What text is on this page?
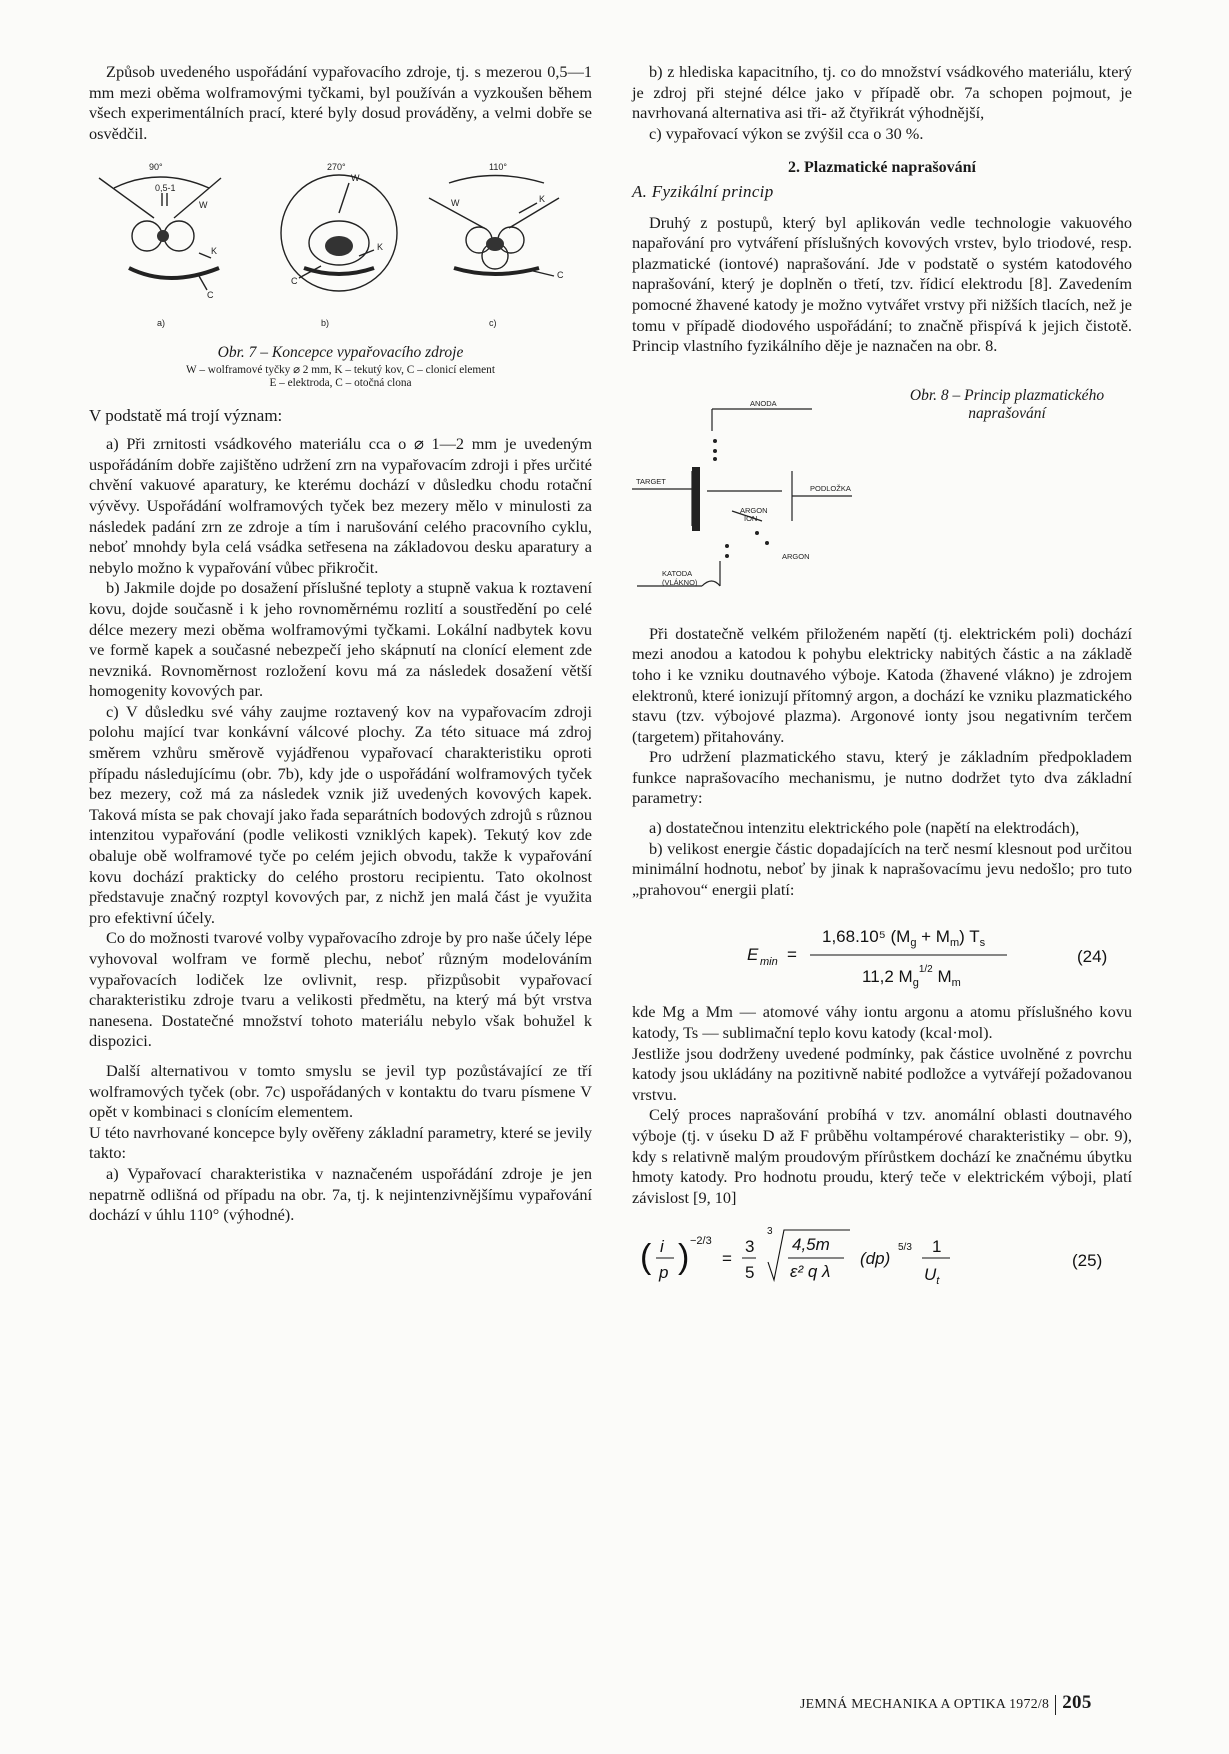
Způsob uvedeného uspořádání vypařovacího zdroje, tj. s mezerou 0,5—1 mm mezi oběma wolframovými tyčkami, byl používán a vyzkoušen během všech experimentálních prací, které byly dosud prováděny, a velmi dobře se osvědčil.

90°	270°	110°
0,5-1
W
K
C
W
K
C
W	K
C
a)	b)	c)
Obr. 7 – Koncepce vypařovacího zdroje
W – wolframové tyčky ⌀ 2 mm, K – tekutý kov, C – clonicí element
E – elektroda, C – otočná clona

V podstatě má trojí význam:

a) Při zrnitosti vsádkového materiálu cca o ⌀ 1—2 mm je uvedeným uspořádáním dobře zajištěno udržení zrn na vypařovacím zdroji i přes určité chvění vakuové aparatury, ke kterému dochází v důsledku chodu rotační vývěvy. Uspořádání wolframových tyček bez mezery mělo v minulosti za následek padání zrn ze zdroje a tím i narušování celého pracovního cyklu, neboť mnohdy byla celá vsádka setřesena na základovou desku aparatury a nebylo možno k vypařování vůbec přikročit.

b) Jakmile dojde po dosažení příslušné teploty a stupně vakua k roztavení kovu, dojde současně i k jeho rovnoměrnému rozlití a soustředění po celé délce mezery mezi oběma wolframovými tyčkami. Lokální nadbytek kovu ve formě kapek a současné nebezpečí jeho skápnutí na clonící element zde nevzniká. Rovnoměrnost rozložení kovu má za následek dosažení větší homogenity kovových par.

c) V důsledku své váhy zaujme roztavený kov na vypařovacím zdroji polohu mající tvar konkávní válcové plochy. Za této situace má zdroj směrem vzhůru směrově vyjádřenou vypařovací charakteristiku oproti případu následujícímu (obr. 7b), kdy jde o uspořádání wolframových tyček bez mezery, což má za následek vznik již uvedených kovových kapek. Taková místa se pak chovají jako řada separátních bodových zdrojů s různou intenzitou vypařování (podle velikosti vzniklých kapek). Tekutý kov zde obaluje obě wolframové tyče po celém jejich obvodu, takže k vypařování kovu dochází prakticky do celého prostoru recipientu. Tato okolnost představuje značný rozptyl kovových par, z nichž jen malá část je využita pro efektivní účely.

Co do možnosti tvarové volby vypařovacího zdroje by pro naše účely lépe vyhovoval wolfram ve formě plechu, neboť různým modelováním vypařovacích lodiček lze ovlivnit, resp. přizpůsobit vypařovací charakteristiku zdroje tvaru a velikosti předmětu, na který má být vrstva nanesena. Dostatečné množství tohoto materiálu nebylo však bohužel k dispozici.

Další alternativou v tomto smyslu se jevil typ pozůstávající ze tří wolframových tyček (obr. 7c) uspořádaných v kontaktu do tvaru písmene V opět v kombinaci s clonícím elementem.

U této navrhované koncepce byly ověřeny základní parametry, které se jevily takto:

a) Vypařovací charakteristika v naznačeném uspořádání zdroje je jen nepatrně odlišná od případu na obr. 7a, tj. k nejintenzivnějšímu vypařování dochází v úhlu 110° (výhodné).

b) z hlediska kapacitního, tj. co do množství vsádkového materiálu, který je zdroj při stejné délce jako v případě obr. 7a schopen pojmout, je navrhovaná alternativa asi tři- až čtyřikrát výhodnější,

c) vypařovací výkon se zvýšil cca o 30 %.

2. Plazmatické naprašování
A. Fyzikální princip

Druhý z postupů, který byl aplikován vedle technologie vakuového napařování pro vytváření příslušných kovových vrstev, bylo triodové, resp. plazmatické (iontové) naprašování. Jde v podstatě o systém katodového naprašování, který je doplněn o třetí, tzv. řídicí elektrodu [8]. Zavedením pomocné žhavené katody je možno vytvářet vrstvy při nižších tlacích, než je tomu v případě diodového uspořádání; to značně přispívá k jejich čistotě. Princip vlastního fyzikálního děje je naznačen na obr. 8.

ANODA
TARGET
PODLOŽKA
ARGON
ION
ARGON
KATODA
(VLÁKNO)
Obr. 8 – Princip plazmatického naprašování

Při dostatečně velkém přiloženém napětí (tj. elektrickém poli) dochází mezi anodou a katodou k pohybu elektricky nabitých částic a na základě toho i ke vzniku doutnavého výboje. Katoda (žhavené vlákno) je zdrojem elektronů, které ionizují přítomný argon, a dochází ke vzniku plazmatického stavu (tzv. výbojové plazma). Argonové ionty jsou negativním terčem (targetem) přitahovány.

Pro udržení plazmatického stavu, který je základním předpokladem funkce naprašovacího mechanismu, je nutno dodržet tyto dva základní parametry:

a) dostatečnou intenzitu elektrického pole (napětí na elektrodách),

b) velikost energie částic dopadajících na terč nesmí klesnout pod určitou minimální hodnotu, neboť by jinak k naprašovacímu jevu nedošlo; pro tuto „prahovou“ energii platí:

E min =
1,68.10⁵ $(M_g + M_m)$ $T_s$
11,2 $M_g^{1/2}$ $M_m$
(24)

kde Mg a Mm — atomové váhy iontu argonu a atomu příslušného kovu katody, Ts — sublimační teplo kovu katody (kcal·mol).

Jestliže jsou dodrženy uvedené podmínky, pak částice uvolněné z povrchu katody jsou ukládány na pozitivně nabité podložce a vytvářejí požadovanou vrstvu.

Celý proces naprašování probíhá v tzv. anomální oblasti doutnavého výboje (tj. v úseku D až F průběhu voltampérové charakteristiky – obr. 9), kdy s relativně malým proudovým přírůstkem dochází ke značnému úbytku hmoty katody. Pro hodnotu proudu, který teče v elektrickém výboji, platí závislost [9, 10]

( i
p ) −2/3
=
3
5
3
4,5m
ε² q λ
(dp)
5/3 1
$U_t$
(25)
JEMNÁ MECHANIKA A OPTIKA 1972/8 205
